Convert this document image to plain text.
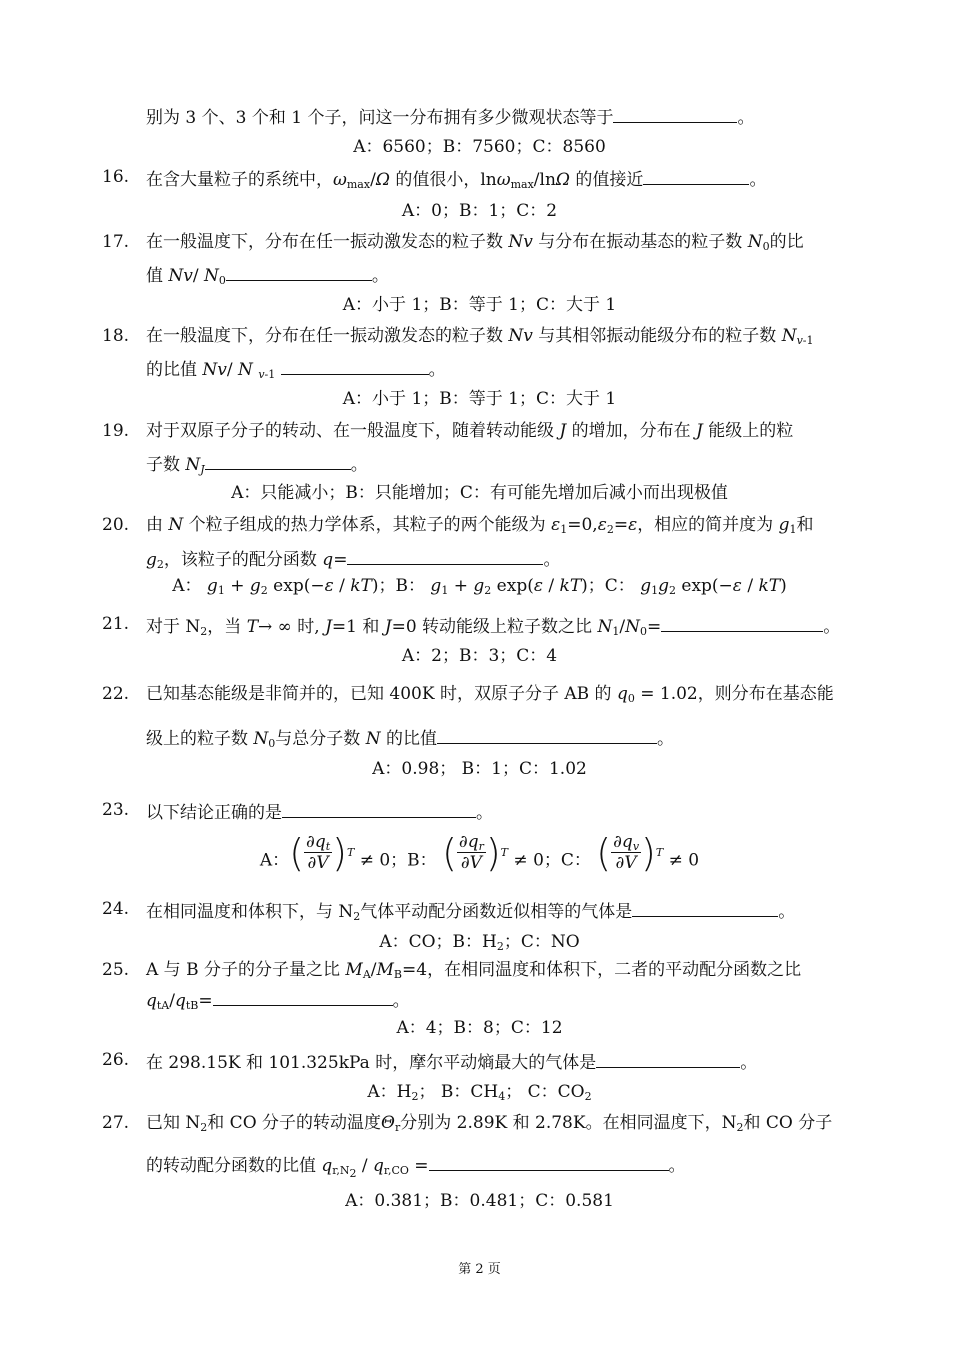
别为 3 个、3 个和 1 个子，问这一分布拥有多少微观状态等于	。
A：6560；B：7560；C：8560
16. 在含大量粒子的系统中，$\omega_{max}/\Omega$ 的值很小，lnω$_{max}$/lnΩ 的值接近	。
A：0；B：1；C：2
17. 在一般温度下，分布在任一振动激发态的粒子数 Nv 与分布在振动基态的粒子数 $N_0$的比
值 Nv/ $N_0$	。
A：小于 1；B：等于 1；C：大于 1
18. 在一般温度下，分布在任一振动激发态的粒子数 Nv 与其相邻振动能级分布的粒子数 $N_{v-1}$
的比值 Nv/ N $_{v-1}$	。
A：小于 1；B：等于 1；C：大于 1
19. 对于双原子分子的转动、在一般温度下，随着转动能级 J 的增加，分布在 J 能级上的粒
子数 $N_J$	。
A：只能减小；B：只能增加；C：有可能先增加后减小而出现极值
20. 由 N 个粒子组成的热力学体系，其粒子的两个能级为 $\varepsilon_1=0,\varepsilon_2=\varepsilon$，相应的简并度为 $g_1$和
$g_2$，该粒子的配分函数 q=	。
A： $g_1 + g_2$ exp(−ε / kT)；B： $g_1 + g_2$ exp(ε / kT)；C： $g_1g_2$ exp(−ε / kT)
21. 对于 $N_2$，当 T→ ∞ 时, J=1 和 J=0 转动能级上粒子数之比 $N_1/N_0=$	。
A：2；B：3；C：4
22. 已知基态能级是非简并的，已知 400K 时，双原子分子 AB 的 $q_0 = 1.02$，则分布在基态能
级上的粒子数 $N_0$与总分子数 N 的比值	。
A：0.98； B：1；C：1.02
23. 以下结论正确的是	。
A： ( $\frac{\partial q_t}{\partial V}$ ) T ≠ 0；B： ( $\frac{\partial q_r}{\partial V}$ ) T ≠ 0；C： ( $\frac{\partial q_v}{\partial V}$ ) T ≠ 0
24. 在相同温度和体积下，与 $N_2$气体平动配分函数近似相等的气体是	。
A：CO；B：$H_2$；C：NO
25. A 与 B 分子的分子量之比 $M_A/M_B=4$，在相同温度和体积下，二者的平动配分函数之比
$q_{tA}/q_{tB}=$	。
A：4；B：8；C：12
26. 在 298.15K 和 101.325kPa 时，摩尔平动熵最大的气体是	。
A：$H_2$； B：$CH_4$； C：$CO_2$
27. 已知 $N_2$和 CO 分子的转动温度$\Theta_r$分别为 2.89K 和 2.78K。在相同温度下，$N_2$和 CO 分子
的转动配分函数的比值 $q_{r,N_2} / q_{r,CO}$ =	。
A：0.381；B：0.481；C：0.581
第 2 页
